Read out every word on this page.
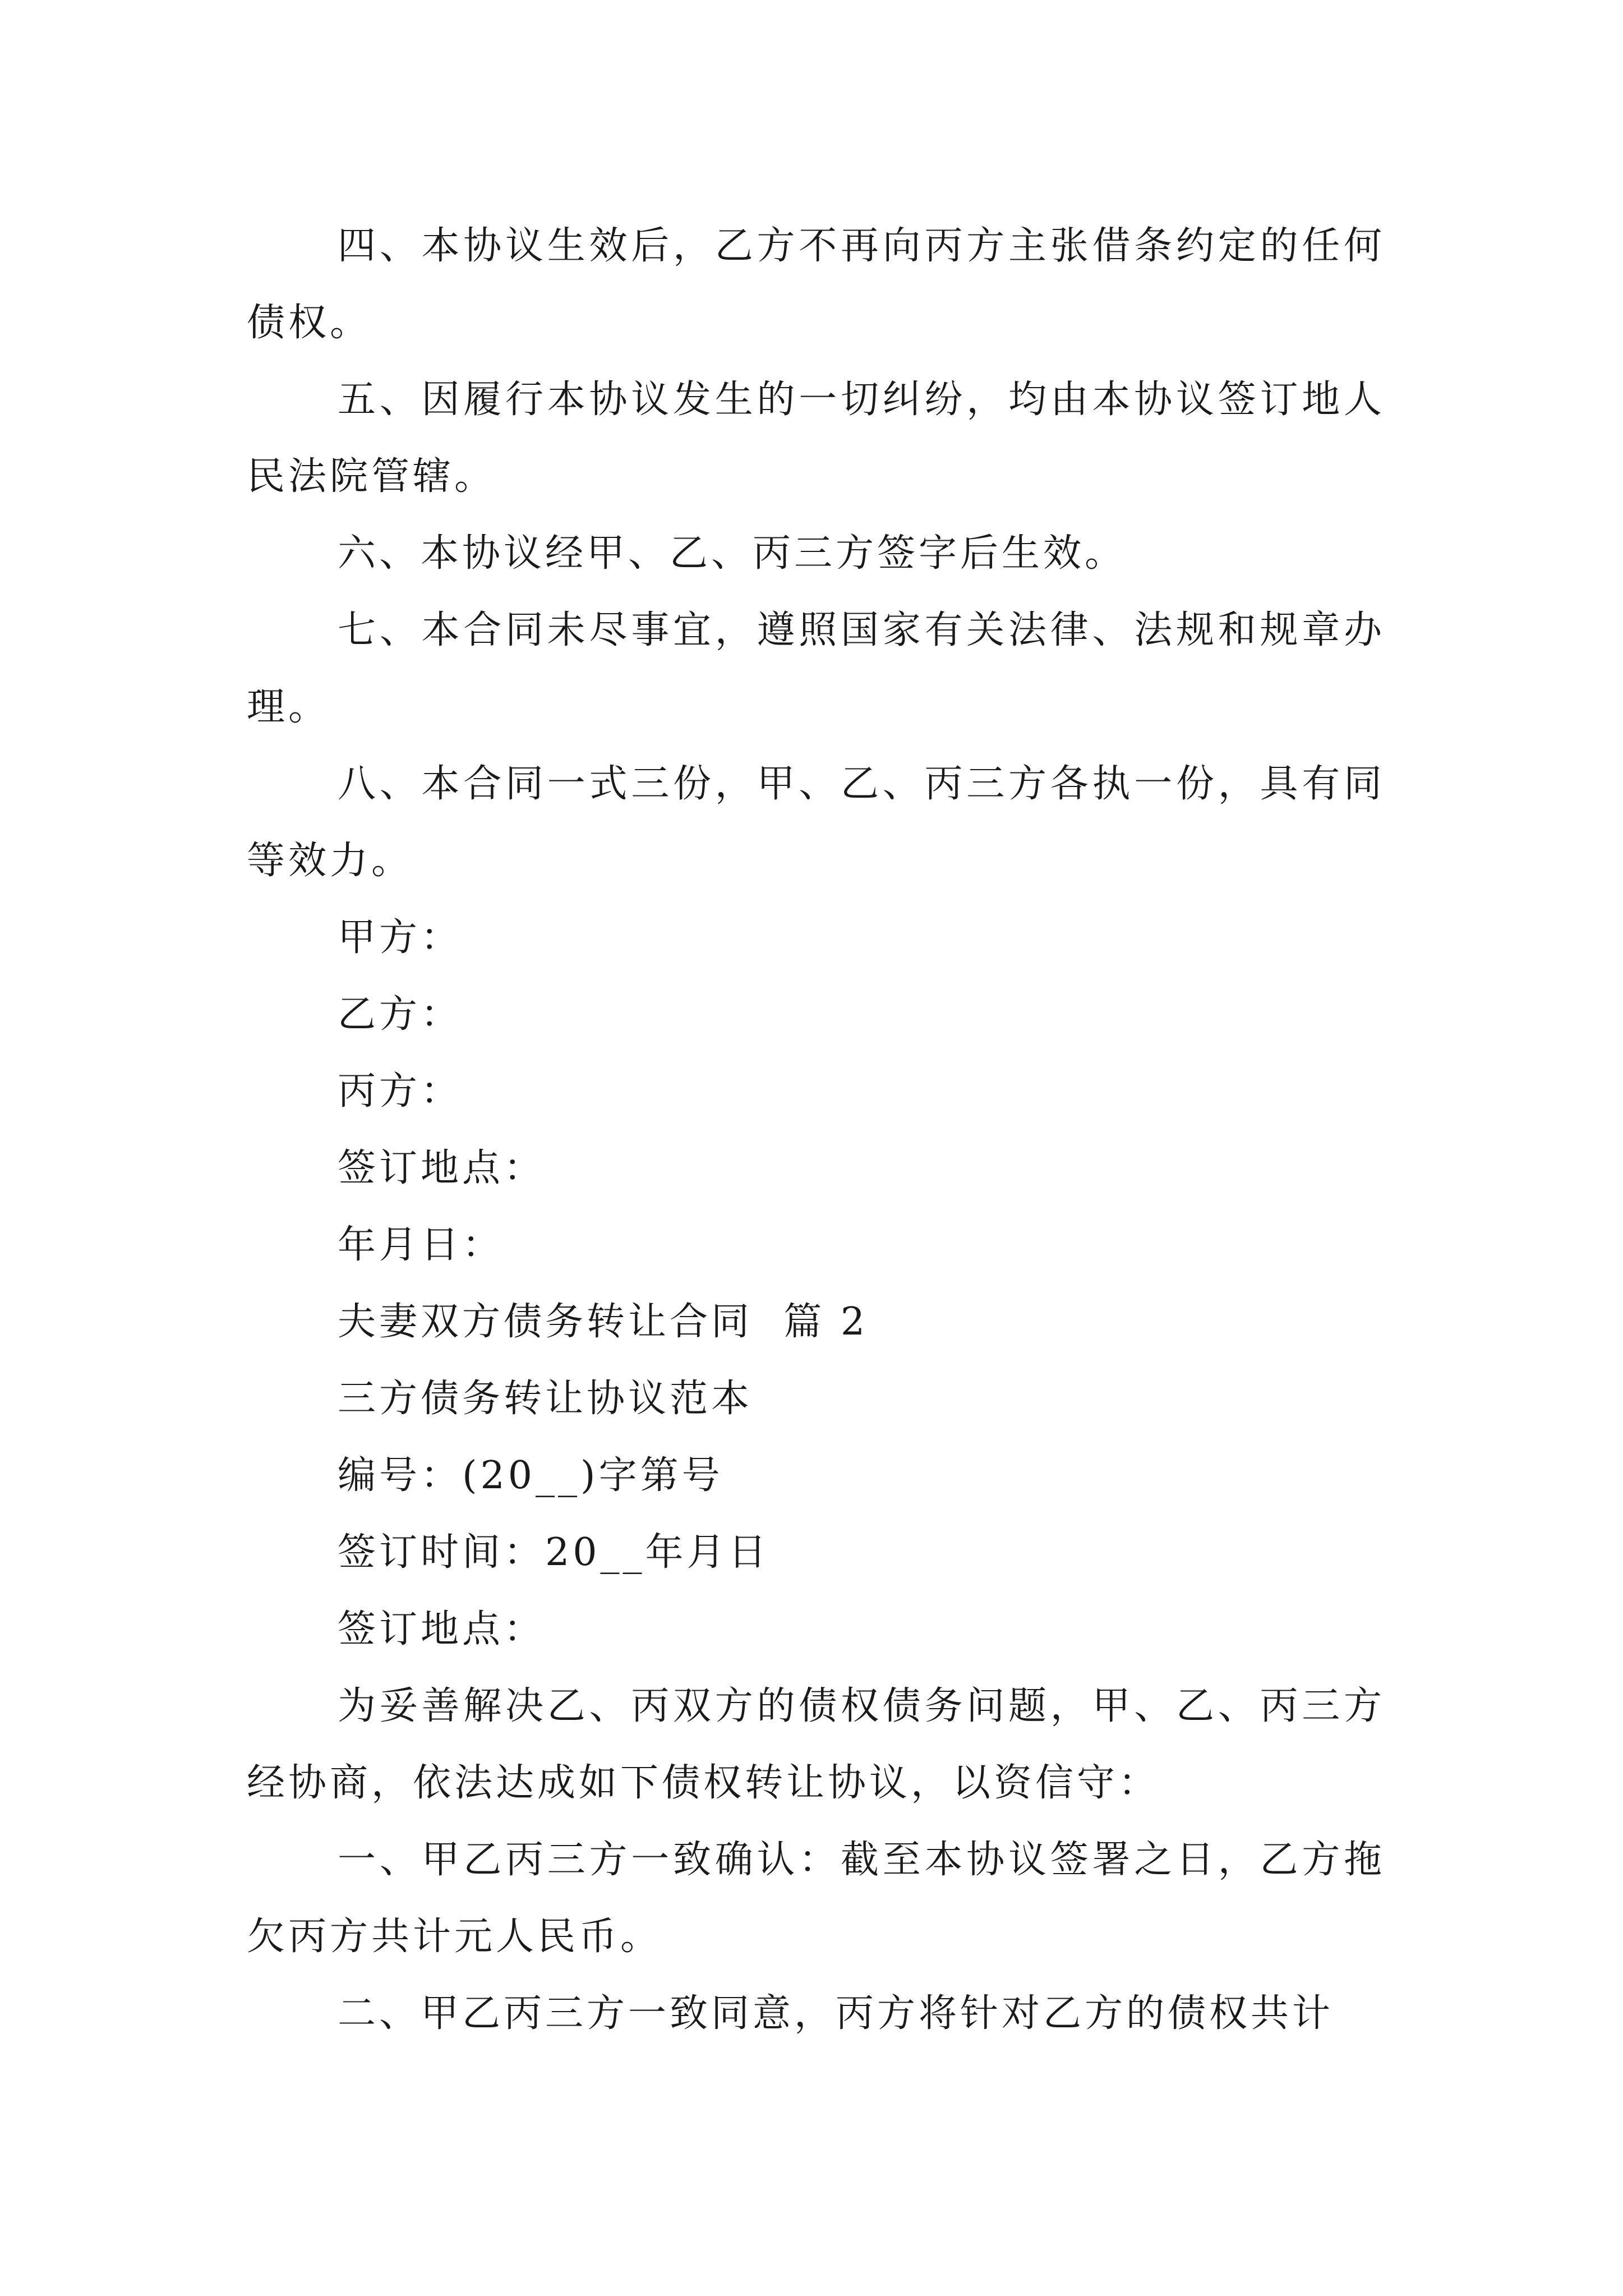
四、本协议生效后，乙方不再向丙方主张借条约定的任何债权。

五、因履行本协议发生的一切纠纷，均由本协议签订地人民法院管辖。

六、本协议经甲、乙、丙三方签字后生效。

七、本合同未尽事宜，遵照国家有关法律、法规和规章办理。

八、本合同一式三份，甲、乙、丙三方各执一份，具有同等效力。

甲方：

乙方：

丙方：

签订地点：

年月日：

夫妻双方债务转让合同  篇 2

三方债务转让协议范本

编号：(20__)字第号

签订时间：20__年月日

签订地点：

为妥善解决乙、丙双方的债权债务问题，甲、乙、丙三方经协商，依法达成如下债权转让协议，以资信守：

一、甲乙丙三方一致确认：截至本协议签署之日，乙方拖欠丙方共计元人民币。

二、甲乙丙三方一致同意，丙方将针对乙方的债权共计
